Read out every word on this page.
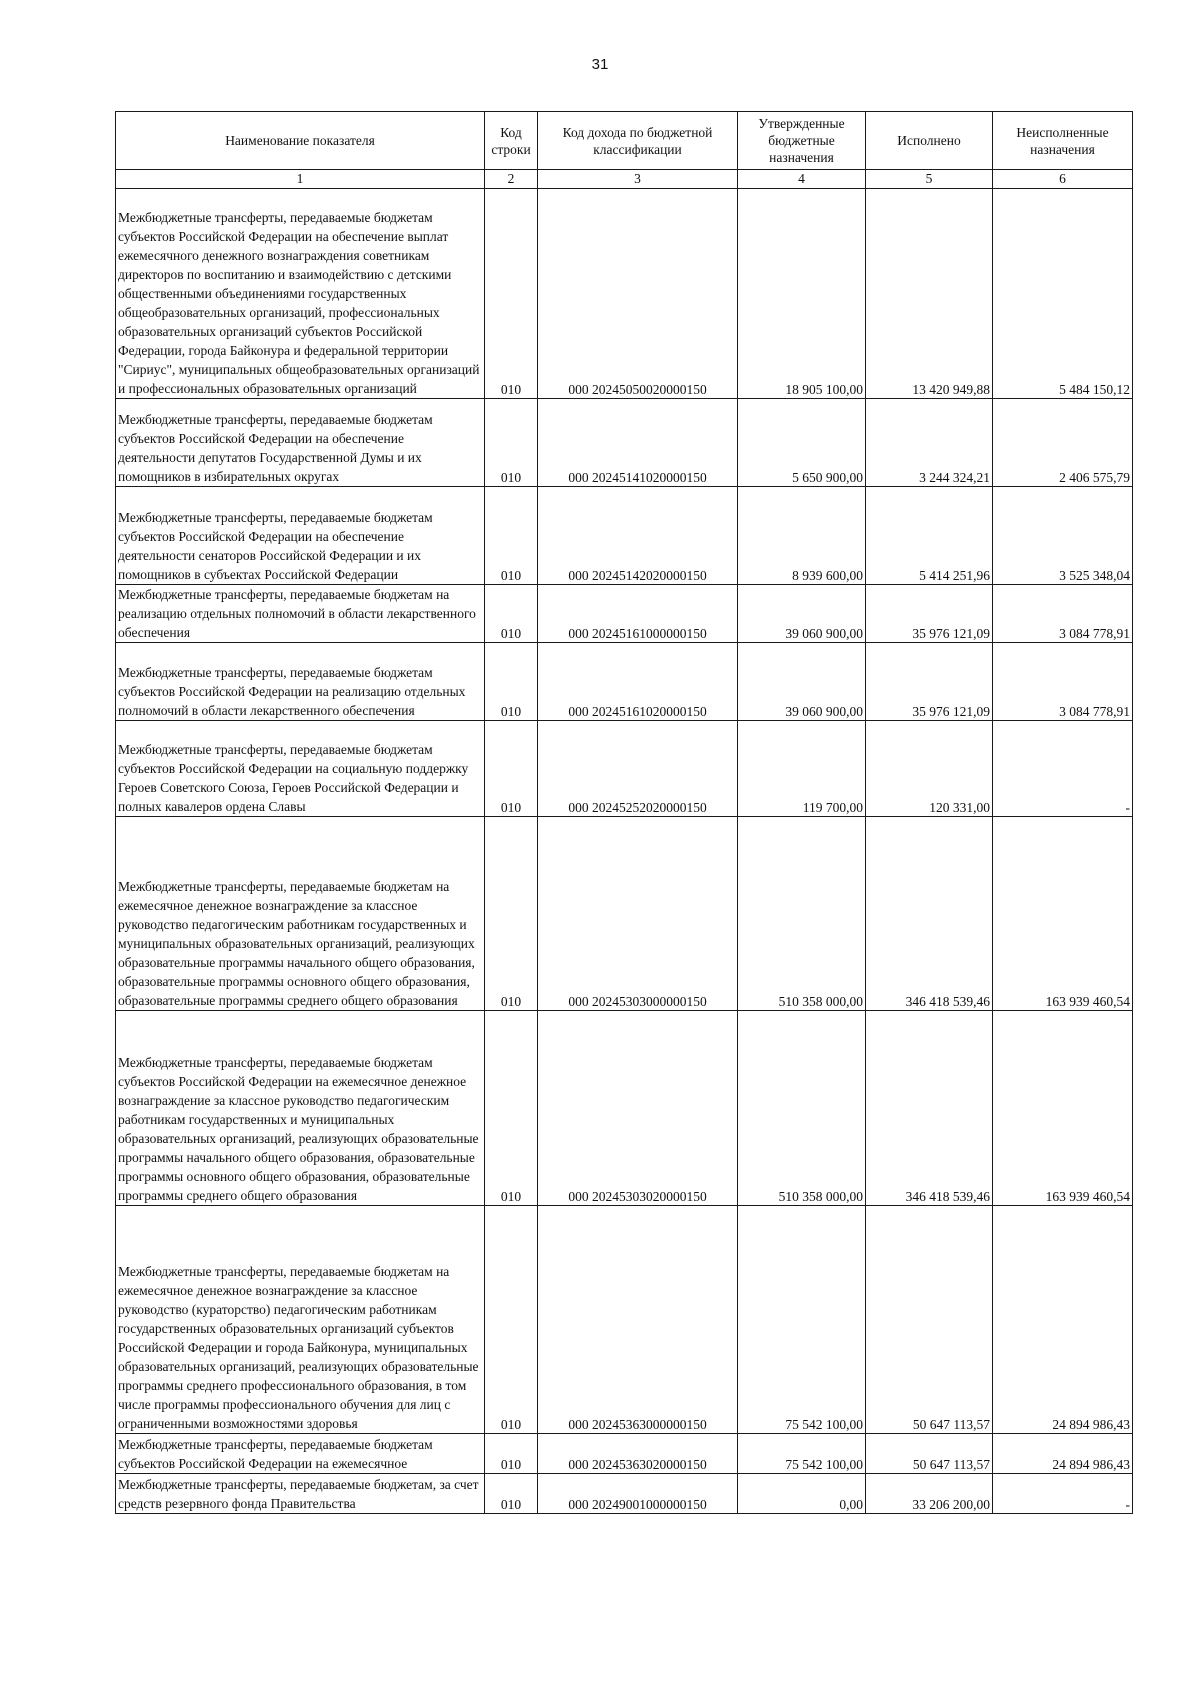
31
Наименование показателя	Код строки	Код дохода по бюджетной классификации	Утвержденные бюджетные назначения	Исполнено	Неисполненные назначения
1	2	3	4	5	6

Межбюджетные трансферты, передаваемые бюджетам субъектов Российской Федерации на обеспечение выплат ежемесячного денежного вознаграждения советникам директоров по воспитанию и взаимодействию с детскими общественными объединениями государственных общеобразовательных организаций, профессиональных образовательных организаций субъектов Российской Федерации, города Байконура и федеральной территории "Сириус", муниципальных общеобразовательных организаций и профессиональных образовательных организаций	010	000 20245050020000150	18 905 100,00	13 420 949,88	5 484 150,12

Межбюджетные трансферты, передаваемые бюджетам субъектов Российской Федерации на обеспечение деятельности депутатов Государственной Думы и их помощников в избирательных округах	010	000 20245141020000150	5 650 900,00	3 244 324,21	2 406 575,79

Межбюджетные трансферты, передаваемые бюджетам субъектов Российской Федерации на обеспечение деятельности сенаторов Российской Федерации и их помощников в субъектах Российской Федерации	010	000 20245142020000150	8 939 600,00	5 414 251,96	3 525 348,04

Межбюджетные трансферты, передаваемые бюджетам на реализацию отдельных полномочий в области лекарственного обеспечения	010	000 20245161000000150	39 060 900,00	35 976 121,09	3 084 778,91

Межбюджетные трансферты, передаваемые бюджетам субъектов Российской Федерации на реализацию отдельных полномочий в области лекарственного обеспечения	010	000 20245161020000150	39 060 900,00	35 976 121,09	3 084 778,91

Межбюджетные трансферты, передаваемые бюджетам субъектов Российской Федерации на социальную поддержку Героев Советского Союза, Героев Российской Федерации и полных кавалеров ордена Славы	010	000 20245252020000150	119 700,00	120 331,00	-

Межбюджетные трансферты, передаваемые бюджетам на ежемесячное денежное вознаграждение за классное руководство педагогическим работникам государственных и муниципальных образовательных организаций, реализующих образовательные программы начального общего образования, образовательные программы основного общего образования, образовательные программы среднего общего образования	010	000 20245303000000150	510 358 000,00	346 418 539,46	163 939 460,54

Межбюджетные трансферты, передаваемые бюджетам субъектов Российской Федерации на ежемесячное денежное вознаграждение за классное руководство педагогическим работникам государственных и муниципальных образовательных организаций, реализующих образовательные программы начального общего образования, образовательные программы основного общего образования, образовательные программы среднего общего образования	010	000 20245303020000150	510 358 000,00	346 418 539,46	163 939 460,54

Межбюджетные трансферты, передаваемые бюджетам на ежемесячное денежное вознаграждение за классное руководство (кураторство) педагогическим работникам государственных образовательных организаций субъектов Российской Федерации и города Байконура, муниципальных образовательных организаций, реализующих образовательные программы среднего профессионального образования, в том числе программы профессионального обучения для лиц с ограниченными возможностями здоровья	010	000 20245363000000150	75 542 100,00	50 647 113,57	24 894 986,43

Межбюджетные трансферты, передаваемые бюджетам субъектов Российской Федерации на ежемесячное	010	000 20245363020000150	75 542 100,00	50 647 113,57	24 894 986,43

Межбюджетные трансферты, передаваемые бюджетам, за счет средств резервного фонда Правительства	010	000 20249001000000150	0,00	33 206 200,00	-
